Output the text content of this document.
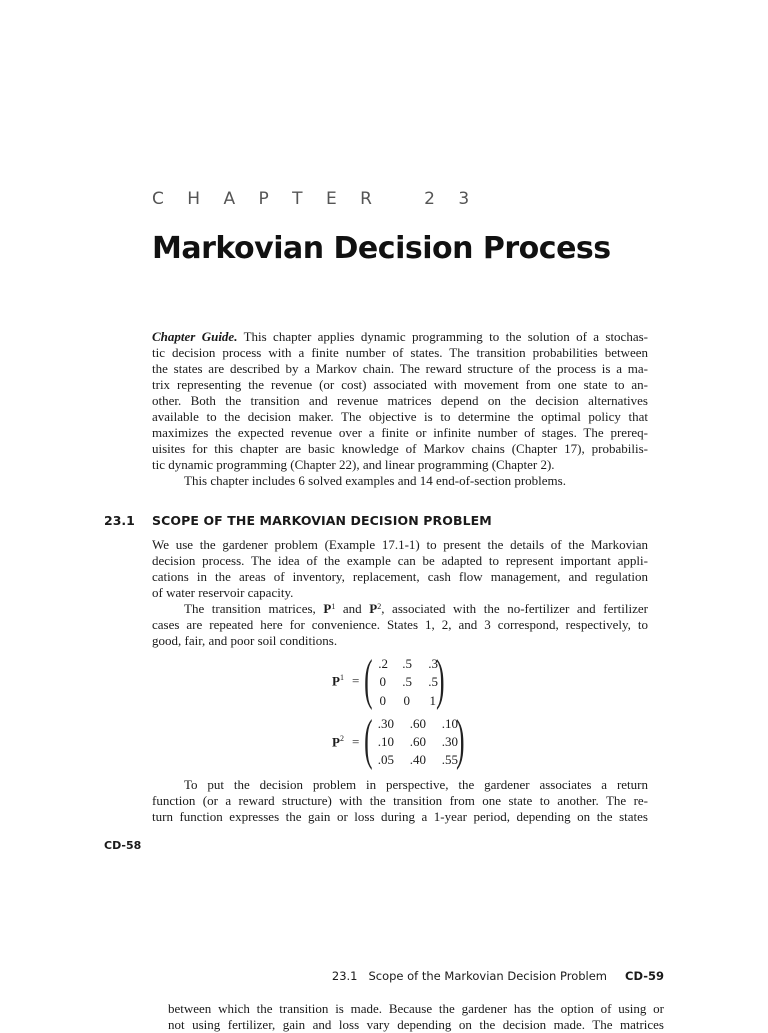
C H A P T E R   2 3
Markovian Decision Process
Chapter Guide. This chapter applies dynamic programming to the solution of a stochas-
tic decision process with a finite number of states. The transition probabilities between
the states are described by a Markov chain. The reward structure of the process is a ma-
trix representing the revenue (or cost) associated with movement from one state to an-
other. Both the transition and revenue matrices depend on the decision alternatives
available to the decision maker. The objective is to determine the optimal policy that
maximizes the expected revenue over a finite or infinite number of stages. The prereq-
uisites for this chapter are basic knowledge of Markov chains (Chapter 17), probabilis-
tic dynamic programming (Chapter 22), and linear programming (Chapter 2).
This chapter includes 6 solved examples and 14 end-of-section problems.
23.1 SCOPE OF THE MARKOVIAN DECISION PROBLEM
We use the gardener problem (Example 17.1-1) to present the details of the Markovian
decision process. The idea of the example can be adapted to represent important appli-
cations in the areas of inventory, replacement, cash flow management, and regulation
of water reservoir capacity.
The transition matrices, $P^1$ and $P^2$, associated with the no-fertilizer and fertilizer
cases are repeated here for convenience. States 1, 2, and 3 correspond, respectively, to
good, fair, and poor soil conditions.
$P^1$ = ( )
.2 .5 .3
0 .5 .5
0 0 1
$P^2$ = ( )
.30 .60 .10
.10 .60 .30
.05 .40 .55
To put the decision problem in perspective, the gardener associates a return
function (or a reward structure) with the transition from one state to another. The re-
turn function expresses the gain or loss during a 1-year period, depending on the states
CD-58
23.1   Scope of the Markovian Decision Problem CD-59
between which the transition is made. Because the gardener has the option of using or
not using fertilizer, gain and loss vary depending on the decision made. The matrices
